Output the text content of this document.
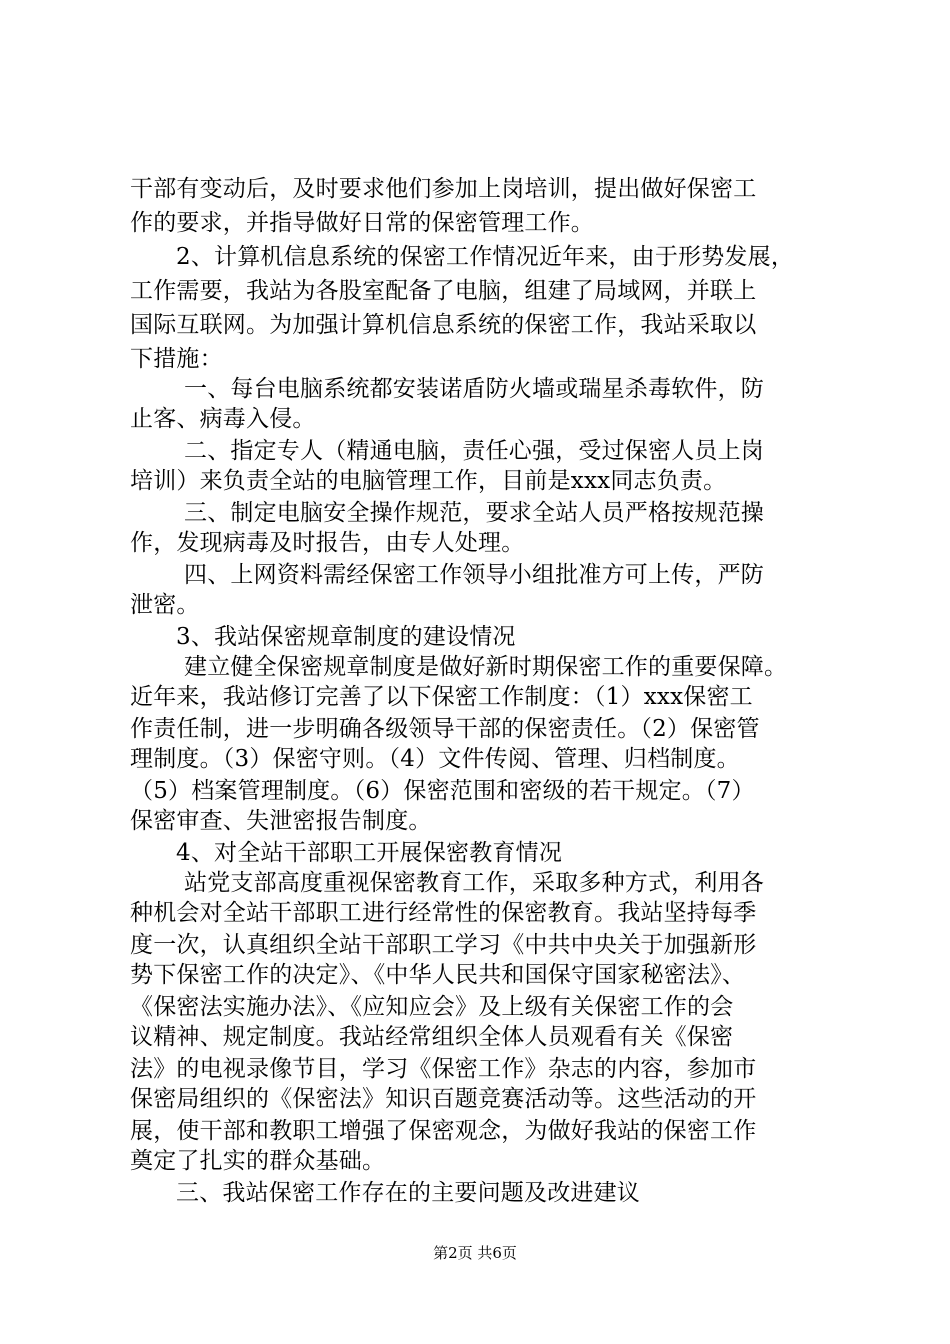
干部有变动后，及时要求他们参加上岗培训，提出做好保密工
作的要求，并指导做好日常的保密管理工作。
2、计算机信息系统的保密工作情况近年来，由于形势发展，
工作需要，我站为各股室配备了电脑，组建了局域网，并联上
国际互联网。为加强计算机信息系统的保密工作，我站采取以
下措施：
一、每台电脑系统都安装诺盾防火墙或瑞星杀毒软件，防
止客、病毒入侵。
二、指定专人（精通电脑，责任心强，受过保密人员上岗
培训）来负责全站的电脑管理工作，目前是xxx同志负责。
三、制定电脑安全操作规范，要求全站人员严格按规范操
作，发现病毒及时报告，由专人处理。
四、上网资料需经保密工作领导小组批准方可上传，严防
泄密。
3、我站保密规章制度的建设情况
建立健全保密规章制度是做好新时期保密工作的重要保障。
近年来，我站修订完善了以下保密工作制度：（1）xxx保密工
作责任制，进一步明确各级领导干部的保密责任。（2）保密管
理制度。（3）保密守则。（4）文件传阅、管理、归档制度。
（5）档案管理制度。（6）保密范围和密级的若干规定。（7）
保密审查、失泄密报告制度。
4、对全站干部职工开展保密教育情况
站党支部高度重视保密教育工作，采取多种方式，利用各
种机会对全站干部职工进行经常性的保密教育。我站坚持每季
度一次，认真组织全站干部职工学习《中共中央关于加强新形
势下保密工作的决定》、《中华人民共和国保守国家秘密法》、
《保密法实施办法》、《应知应会》及上级有关保密工作的会
议精神、规定制度。我站经常组织全体人员观看有关《保密
法》的电视录像节目，学习《保密工作》杂志的内容，参加市
保密局组织的《保密法》知识百题竞赛活动等。这些活动的开
展，使干部和教职工增强了保密观念，为做好我站的保密工作
奠定了扎实的群众基础。
三、我站保密工作存在的主要问题及改进建议
第2页 共6页
